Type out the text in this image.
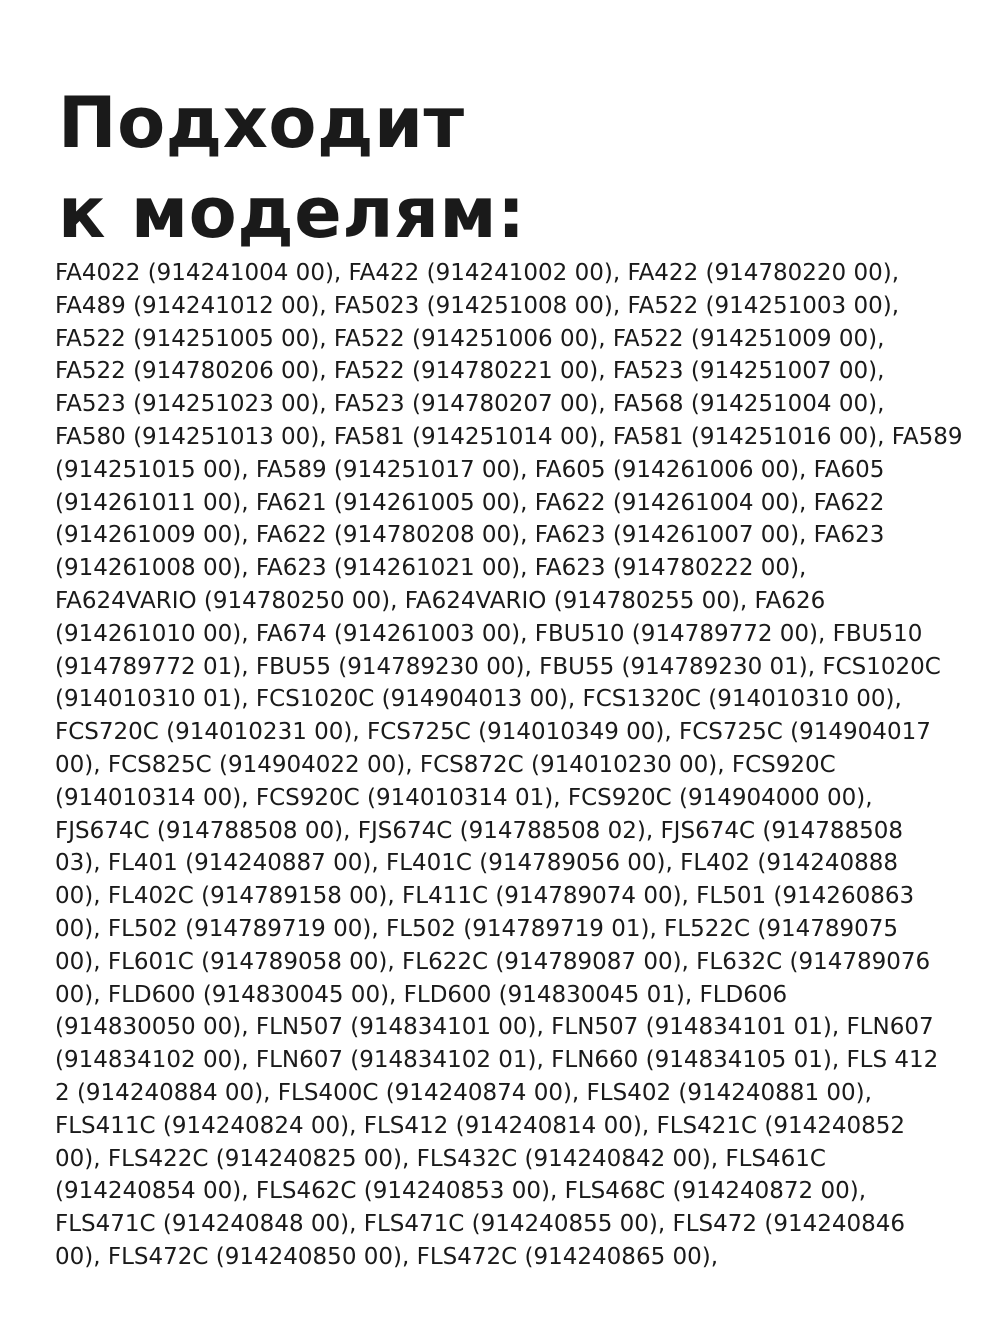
Подходит
к моделям:
FA4022 (914241004 00), FA422 (914241002 00), FA422 (914780220 00),
FA489 (914241012 00), FA5023 (914251008 00), FA522 (914251003 00),
FA522 (914251005 00), FA522 (914251006 00), FA522 (914251009 00),
FA522 (914780206 00), FA522 (914780221 00), FA523 (914251007 00),
FA523 (914251023 00), FA523 (914780207 00), FA568 (914251004 00),
FA580 (914251013 00), FA581 (914251014 00), FA581 (914251016 00), FA589
(914251015 00), FA589 (914251017 00), FA605 (914261006 00), FA605
(914261011 00), FA621 (914261005 00), FA622 (914261004 00), FA622
(914261009 00), FA622 (914780208 00), FA623 (914261007 00), FA623
(914261008 00), FA623 (914261021 00), FA623 (914780222 00),
FA624VARIO (914780250 00), FA624VARIO (914780255 00), FA626
(914261010 00), FA674 (914261003 00), FBU510 (914789772 00), FBU510
(914789772 01), FBU55 (914789230 00), FBU55 (914789230 01), FCS1020C
(914010310 01), FCS1020C (914904013 00), FCS1320C (914010310 00),
FCS720C (914010231 00), FCS725C (914010349 00), FCS725C (914904017
00), FCS825C (914904022 00), FCS872C (914010230 00), FCS920C
(914010314 00), FCS920C (914010314 01), FCS920C (914904000 00),
FJS674C (914788508 00), FJS674C (914788508 02), FJS674C (914788508
03), FL401 (914240887 00), FL401C (914789056 00), FL402 (914240888
00), FL402C (914789158 00), FL411C (914789074 00), FL501 (914260863
00), FL502 (914789719 00), FL502 (914789719 01), FL522C (914789075
00), FL601C (914789058 00), FL622C (914789087 00), FL632C (914789076
00), FLD600 (914830045 00), FLD600 (914830045 01), FLD606
(914830050 00), FLN507 (914834101 00), FLN507 (914834101 01), FLN607
(914834102 00), FLN607 (914834102 01), FLN660 (914834105 01), FLS 412
2 (914240884 00), FLS400C (914240874 00), FLS402 (914240881 00),
FLS411C (914240824 00), FLS412 (914240814 00), FLS421C (914240852
00), FLS422C (914240825 00), FLS432C (914240842 00), FLS461C
(914240854 00), FLS462C (914240853 00), FLS468C (914240872 00),
FLS471C (914240848 00), FLS471C (914240855 00), FLS472 (914240846
00), FLS472C (914240850 00), FLS472C (914240865 00),
